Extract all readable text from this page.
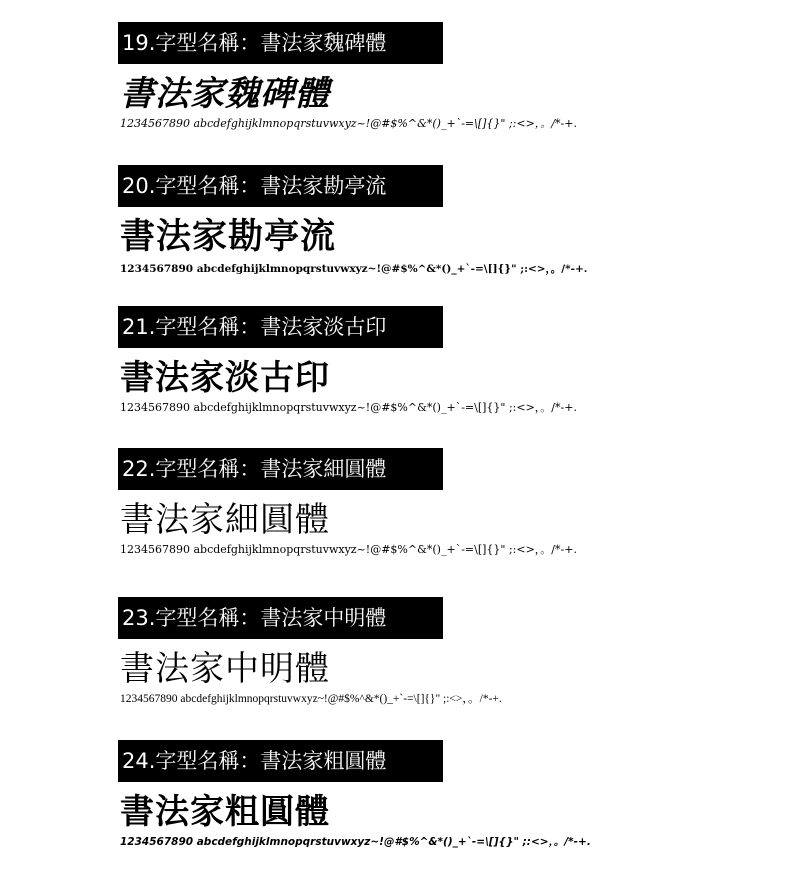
19.字型名稱：書法家魏碑體
書法家魏碑體
1234567890 abcdefghijklmnopqrstuvwxyz~!@#$%^&*()_+`-=\[]{}" ;:<>，。/*-+.
20.字型名稱：書法家勘亭流
書法家勘亭流
1234567890 abcdefghijklmnopqrstuvwxyz~!@#$%^&*()_+`-=\[]{}" ;:<>，。/*-+.
21.字型名稱：書法家淡古印
書法家淡古印
1234567890 abcdefghijklmnopqrstuvwxyz~!@#$%^&*()_+`-=\[]{}" ;:<>，。/*-+.
22.字型名稱：書法家細圓體
書法家細圓體
1234567890 abcdefghijklmnopqrstuvwxyz~!@#$%^&*()_+`-=\[]{}" ;:<>，。/*-+.
23.字型名稱：書法家中明體
書法家中明體
1234567890 abcdefghijklmnopqrstuvwxyz~!@#$%^&*()_+`-=\[]{}" ;:<>，。/*-+.
24.字型名稱：書法家粗圓體
書法家粗圓體
1234567890 abcdefghijklmnopqrstuvwxyz~!@#$%^&*()_+`-=\[]{}" ;:<>，。/*-+.
